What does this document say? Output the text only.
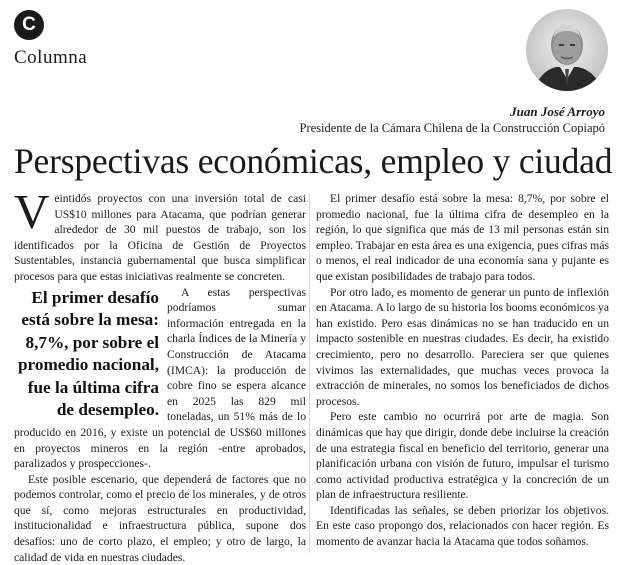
C
Columna
Juan José Arroyo
Presidente de la Cámara Chilena de la Construcción Copiapó
Perspectivas económicas, empleo y ciudad

Veintidós proyectos con una inversión total de casi US$10 millones para Atacama, que podrían generar alrededor de 30 mil puestos de trabajo, son los identificados por la Oficina de Gestión de Proyectos Sustentables, instancia gubernamental que busca simplificar procesos para que estas iniciativas realmente se concreten.

El primer desafío está sobre la mesa: 8,7%, por sobre el promedio nacional, fue la última cifra de desempleo.
A estas perspectivas podríamos sumar información entregada en la charla Índices de la Minería y Construcción de Atacama (IMCA): la producción de cobre fino se espera alcance en 2025 las 829 mil toneladas, un 51% más de lo producido en 2016, y existe un potencial de US$60 millones en proyectos mineros en la región -entre aprobados, paralizados y prospecciones-.

Este posible escenario, que dependerá de factores que no podemos controlar, como el precio de los minerales, y de otros que sí, como mejoras estructurales en productividad, institucionalidad e infraestructura pública, supone dos desafíos: uno de corto plazo, el empleo; y otro de largo, la calidad de vida en nuestras ciudades.

El primer desafío está sobre la mesa: 8,7%, por sobre el promedio nacional, fue la última cifra de desempleo en la región, lo que significa que más de 13 mil personas están sin empleo. Trabajar en esta área es una exigencia, pues cifras más o menos, el real indicador de una economía sana y pujante es que existan posibilidades de trabajo para todos.

Por otro lado, es momento de generar un punto de inflexión en Atacama. A lo largo de su historia los booms económicos ya han existido. Pero esas dinámicas no se han traducido en un impacto sostenible en nuestras ciudades. Es decir, ha existido crecimiento, pero no desarrollo. Pareciera ser que quienes vivimos las externalidades, que muchas veces provoca la extracción de minerales, no somos los beneficiados de dichos procesos.

Pero este cambio no ocurrirá por arte de magia. Son dinámicas que hay que dirigir, donde debe incluirse la creación de una estrategia fiscal en beneficio del territorio, generar una planificación urbana con visión de futuro, impulsar el turismo como actividad productiva estratégica y la concreción de un plan de infraestructura resiliente.

Identificadas las señales, se deben priorizar los objetivos. En este caso propongo dos, relacionados con hacer región. Es momento de avanzar hacia la Atacama que todos soñamos.
